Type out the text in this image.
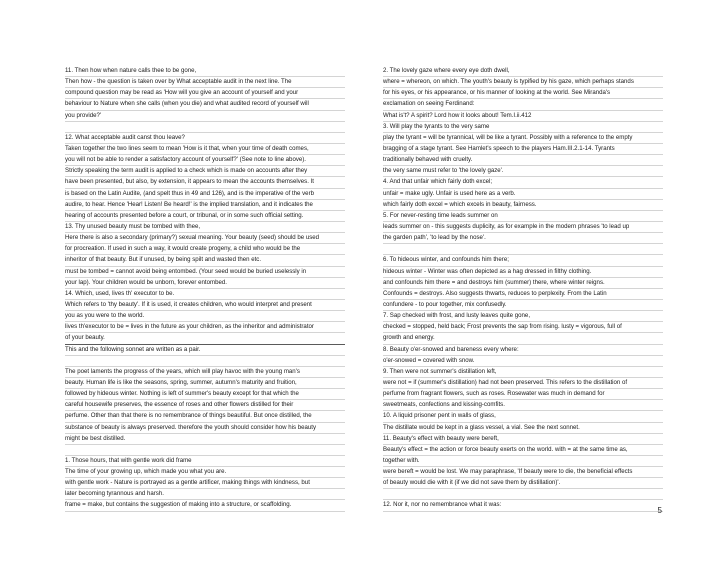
11. Then how when nature calls thee to be gone,
Then how - the question is taken over by What acceptable audit in the next line. The
compound question may be read as 'How will you give an account of yourself and your
behaviour to Nature when she calls (when you die) and what audited record of yourself will
you provide?'

12. What acceptable audit canst thou leave?
Taken together the two lines seem to mean 'How is it that, when your time of death comes,
you will not be able to render a satisfactory account of yourself?' (See note to line above).
Strictly speaking the term audit is applied to a check which is made on accounts after they
have been presented, but also, by extension, it appears to mean the accounts themselves. It
is based on the Latin Audite, (and spelt thus in 49 and 126), and is the imperative of the verb
audire, to hear. Hence 'Hear! Listen! Be heard!' is the implied translation, and it indicates the
hearing of accounts presented before a court, or tribunal, or in some such official setting.
13. Thy unused beauty must be tombed with thee,
Here there is also a secondary (primary?) sexual meaning. Your beauty (seed) should be used
for procreation. If used in such a way, it would create progeny, a child who would be the
inheritor of that beauty. But if unused, by being spilt and wasted then etc.
must be tombed = cannot avoid being entombed. (Your seed would be buried uselessly in
your lap). Your children would be unborn, forever entombed.
14. Which, used, lives th' executor to be.
Which refers to 'thy beauty'. If it is used, it creates children, who would interpret and present
you as you were to the world.
lives th'executor to be = lives in the future as your children, as the inheritor and administrator
of your beauty.
This and the following sonnet are written as a pair.

The poet laments the progress of the years, which will play havoc with the young man's
beauty. Human life is like the seasons, spring, summer, autumn's maturity and fruition,
followed by hideous winter. Nothing is left of summer's beauty except for that which the
careful housewife preserves, the essence of roses and other flowers distilled for their
perfume. Other than that there is no remembrance of things beautiful. But once distilled, the
substance of beauty is always preserved. therefore the youth should consider how his beauty
might be best distilled.

1. Those hours, that with gentle work did frame
The time of your growing up, which made you what you are.
with gentle work - Nature is portrayed as a gentle artificer, making things with kindness, but
later becoming tyrannous and harsh.
frame = make, but contains the suggestion of making into a structure, or scaffolding.
2. The lovely gaze where every eye doth dwell,
where = whereon, on which. The youth's beauty is typified by his gaze, which perhaps stands
for his eyes, or his appearance, or his manner of looking at the world. See Miranda's
exclamation on seeing Ferdinand:
What is't? A spirit? Lord how it looks about! Tem.I.ii.412
3. Will play the tyrants to the very same
play the tyrant = will be tyrannical, will be like a tyrant. Possibly with a reference to the empty
bragging of a stage tyrant. See Hamlet's speech to the players Ham.III.2.1-14. Tyrants
traditionally behaved with cruelty.
the very same must refer to 'the lovely gaze'.
4. And that unfair which fairly doth excel;
unfair = make ugly. Unfair is used here as a verb.
which fairly doth excel = which excels in beauty, fairness.
5. For never-resting time leads summer on
leads summer on - this suggests duplicity, as for example in the modern phrases 'to lead up
the garden path', 'to lead by the nose'.

6. To hideous winter, and confounds him there;
hideous winter - Winter was often depicted as a hag dressed in filthy clothing.
and confounds him there = and destroys him (summer) there, where winter reigns.
Confounds = destroys. Also suggests thwarts, reduces to perplexity. From the Latin
confundere - to pour together, mix confusedly.
7. Sap checked with frost, and lusty leaves quite gone,
checked = stopped, held back; Frost prevents the sap from rising. lusty = vigorous, full of
growth and energy.
8. Beauty o'er-snowed and bareness every where:
o'er-snowed = covered with snow.
9. Then were not summer's distillation left,
were not = if (summer's distillation) had not been preserved. This refers to the distillation of
perfume from fragrant flowers, such as roses. Rosewater was much in demand for
sweetmeats, confections and kissing-comfits.
10. A liquid prisoner pent in walls of glass,
The distillate would be kept in a glass vessel, a vial. See the next sonnet.
11. Beauty's effect with beauty were bereft,
Beauty's effect = the action or force beauty exerts on the world. with = at the same time as,
together with.
were bereft = would be lost. We may paraphrase, 'If beauty were to die, the beneficial effects
of beauty would die with it (if we did not save them by distillation)'.

12. Nor it, nor no remembrance what it was:
5
